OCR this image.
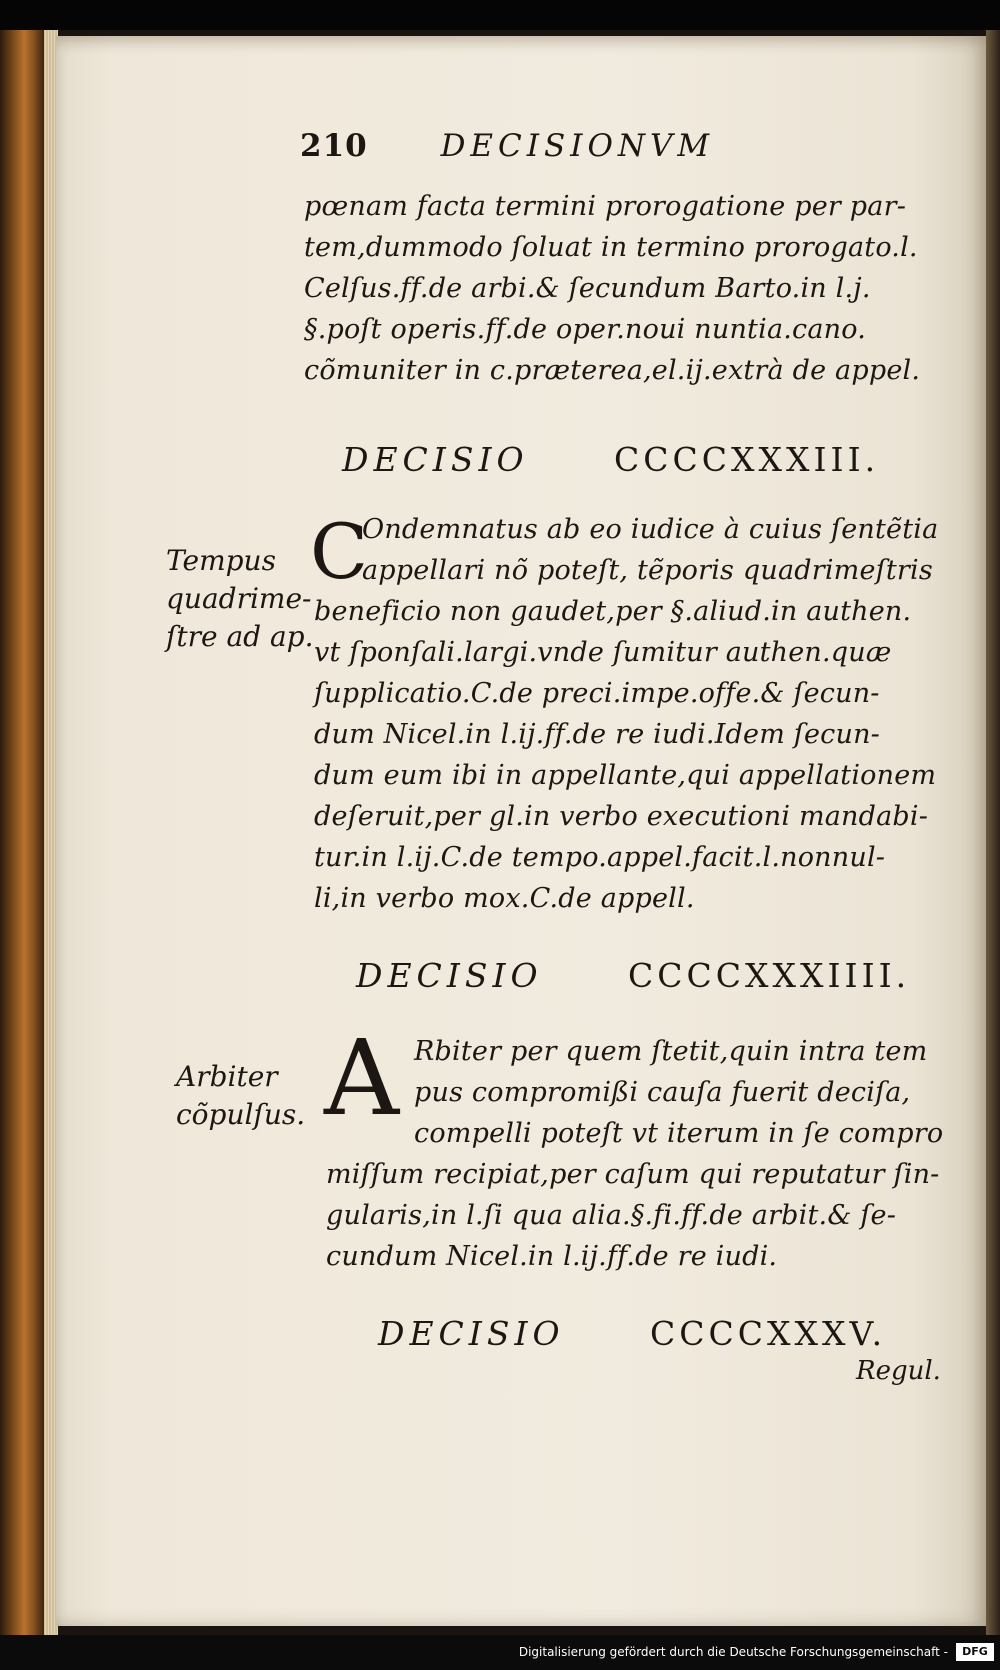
210 DECISIONVM
pœnam facta termini prorogatione per par-
tem,dummodo ſoluat in termino prorogato.l.
Celſus.ff.de arbi.& ſecundum Barto.in l.j.
§.poſt operis.ff.de oper.noui nuntia.cano.
cõmuniter in c.præterea,el.ij.extrà de appel.
DECISIO	CCCCXXXIII.
Tempus
quadrime-
ſtre ad ap.
C
Ondemnatus ab eo iudice à cuius ſentẽtia
appellari nõ poteſt, tẽporis quadrimeſtris
beneficio non gaudet,per §.aliud.in authen.
vt ſponſali.largi.vnde ſumitur authen.quæ
ſupplicatio.C.de preci.impe.offe.& ſecun-
dum Nicel.in l.ij.ff.de re iudi.Idem ſecun-
dum eum ibi in appellante,qui appellationem
deſeruit,per gl.in verbo executioni mandabi-
tur.in l.ij.C.de tempo.appel.facit.l.nonnul-
li,in verbo mox.C.de appell.
DECISIO	CCCCXXXIIII.
Arbiter
cõpulſus. A Rbiter per quem ſtetit,quin intra tem
pus compromißi cauſa fuerit deciſa,
compelli poteſt vt iterum in ſe compro
miſſum recipiat,per caſum qui reputatur ſin-
gularis,in l.ſi qua alia.§.fi.ff.de arbit.& ſe-
cundum Nicel.in l.ij.ff.de re iudi.
DECISIO	CCCCXXXV.
Regul.
Digitalisierung gefördert durch die Deutsche Forschungsgemeinschaft -	DFG
